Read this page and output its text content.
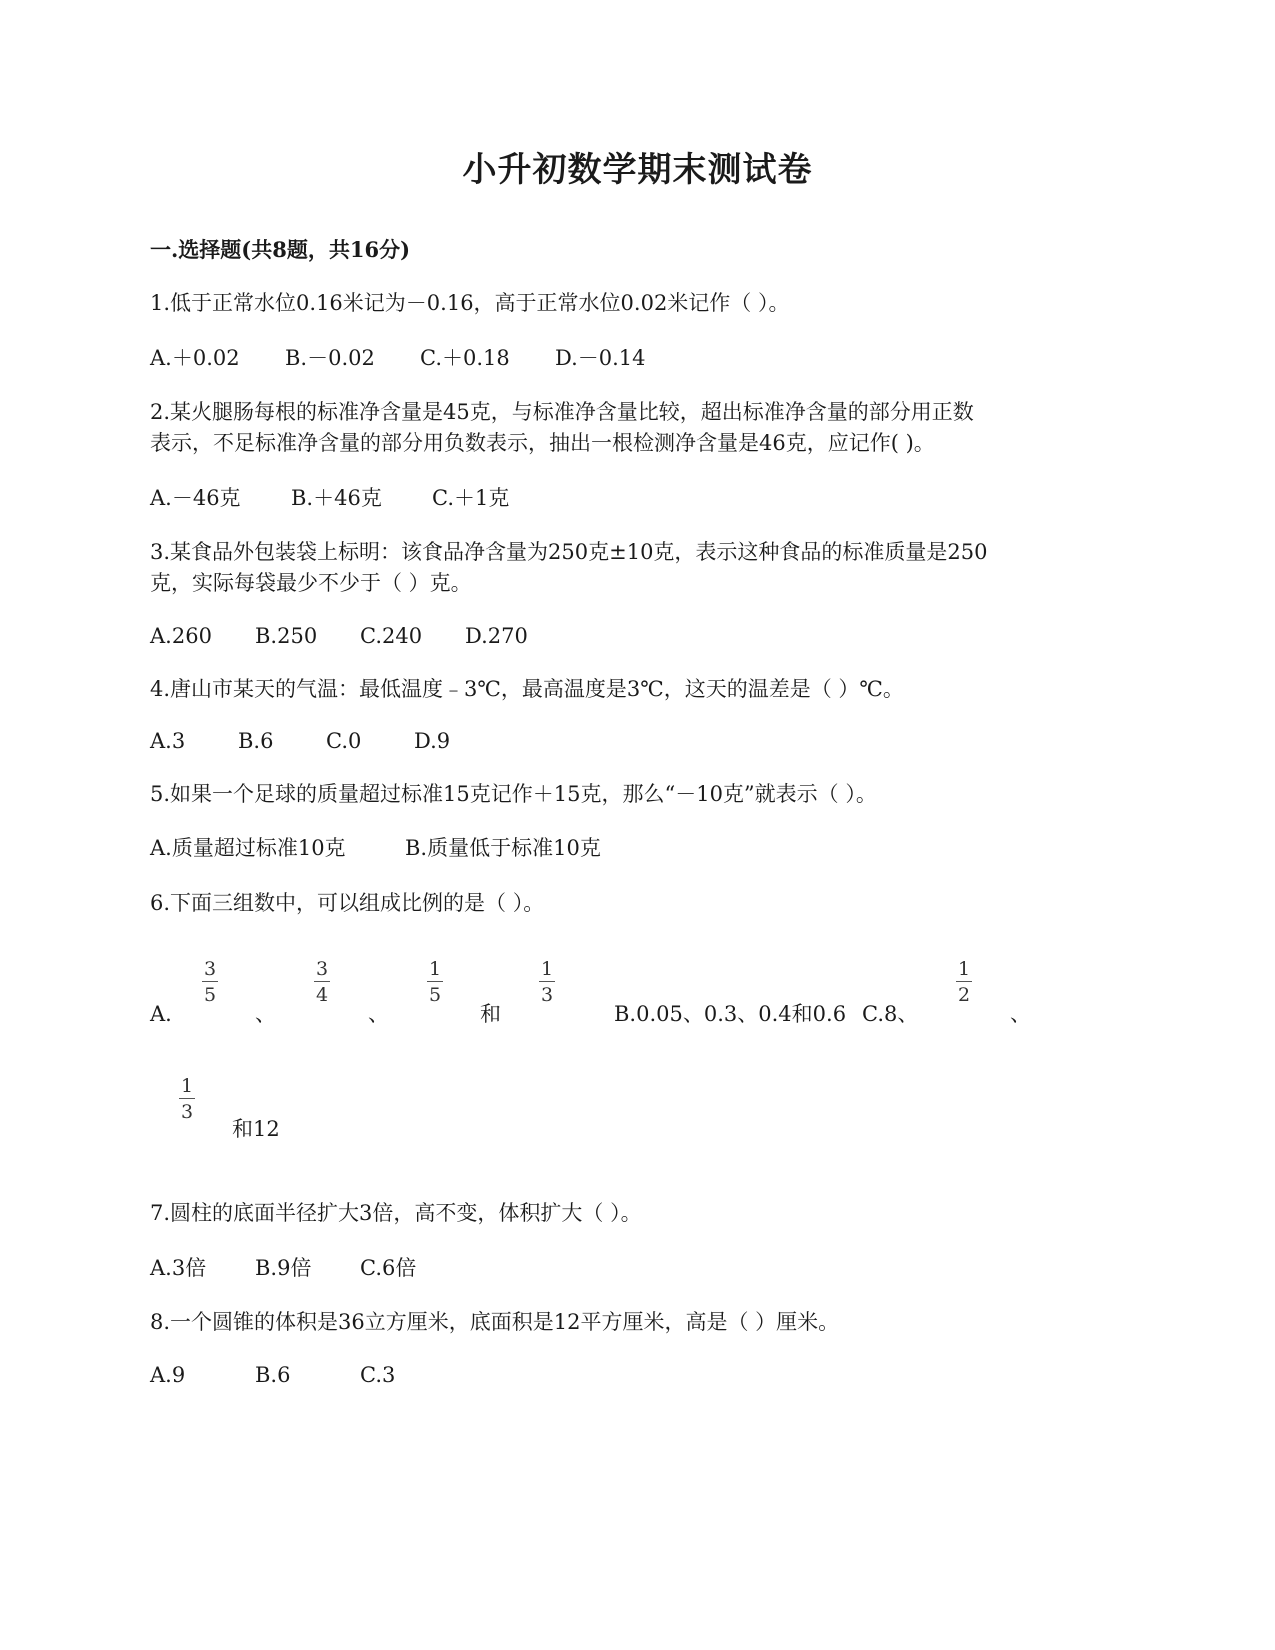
小升初数学期末测试卷
一.选择题(共8题，共16分)
1.低于正常水位0.16米记为－0.16，高于正常水位0.02米记作（ ）。
A.＋0.02 B.－0.02 C.＋0.18 D.－0.14
2.某火腿肠每根的标准净含量是45克，与标准净含量比较，超出标准净含量的部分用正数
表示，不足标准净含量的部分用负数表示，抽出一根检测净含量是46克，应记作( )。
A.－46克 B.＋46克 C.＋1克
3.某食品外包装袋上标明：该食品净含量为250克±10克，表示这种食品的标准质量是250
克，实际每袋最少不少于（ ）克。
A.260 B.250 C.240 D.270
4.唐山市某天的气温：最低温度﹣3℃，最高温度是3℃，这天的温差是（ ）℃。
A.3	B.6	C.0	D.9
5.如果一个足球的质量超过标准15克记作＋15克，那么“－10克”就表示（ ）。
A.质量超过标准10克	B.质量低于标准10克
6.下面三组数中，可以组成比例的是（ ）。
A.
3
5
、
3
4
、
1
5
和
1
3
B.0.05、0.3、0.4和0.6 C.8、
1
2
、
1
3
和12
7.圆柱的底面半径扩大3倍，高不变，体积扩大（ ）。
A.3倍 B.9倍 C.6倍
8.一个圆锥的体积是36立方厘米，底面积是12平方厘米，高是（ ）厘米。
A.9	B.6	C.3
